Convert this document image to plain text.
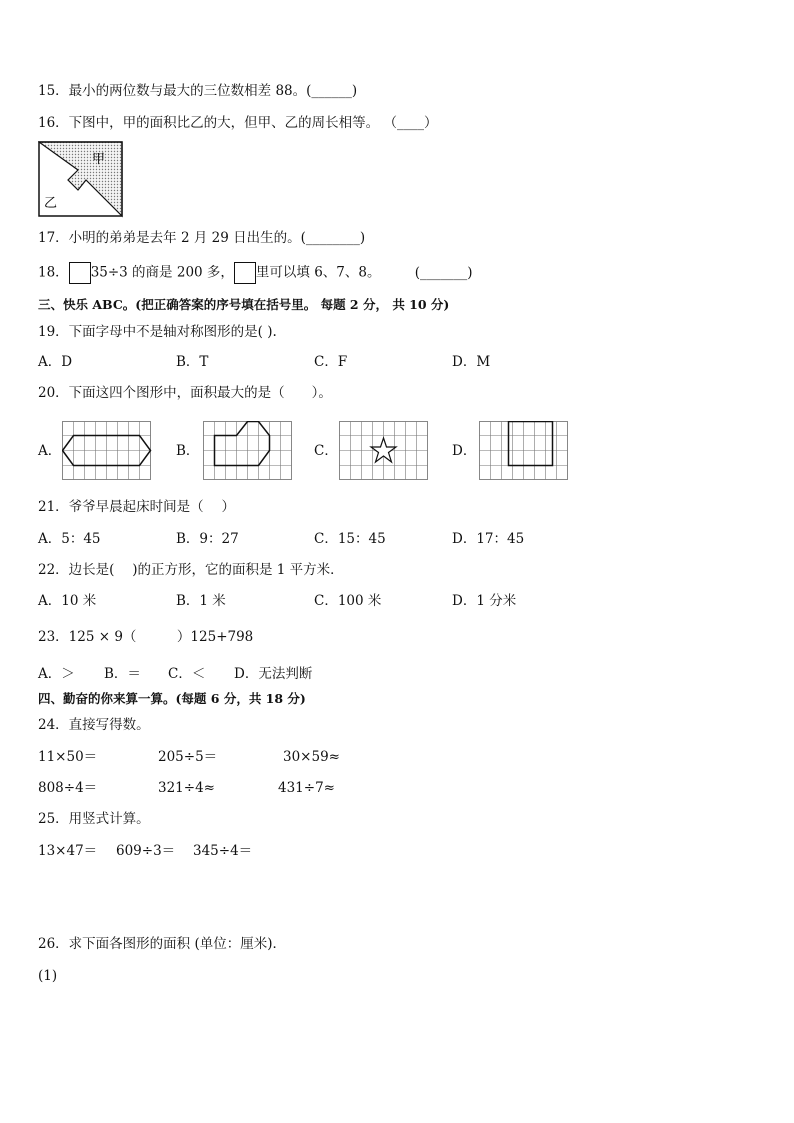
15．最小的两位数与最大的三位数相差 88。(______)
16．下图中，甲的面积比乙的大，但甲、乙的周长相等。 （____）
甲
乙
17．小明的弟弟是去年 2 月 29 日出生的。(________)
18． 35÷3 的商是 200 多， 里可以填 6、7、8。	(_______)
三、快乐 ABC。(把正确答案的序号填在括号里。 每题 2 分， 共 10 分)
19．下面字母中不是轴对称图形的是( ).
A．D	B．T	C．F	D．M
20．下面这四个图形中，面积最大的是（　　）。
A．	B．	C．	D．
21．爷爷早晨起床时间是（　 ）
A．5：45	B．9：27	C．15：45	D．17：45
22．边长是(　 )的正方形，它的面积是 1 平方米．
A．10 米	B．1 米	C．100 米	D．1 分米
23．125 × 9（　　　）125+798
A．＞ B．＝ C．＜ D．无法判断
四、勤奋的你来算一算。(每题 6 分，共 18 分)
24．直接写得数。
11×50＝	205÷5＝	30×59≈
808÷4＝	321÷4≈	431÷7≈
25．用竖式计算。
13×47＝ 609÷3＝ 345÷4＝
26．求下面各图形的面积 (单位：厘米)．
(1)
